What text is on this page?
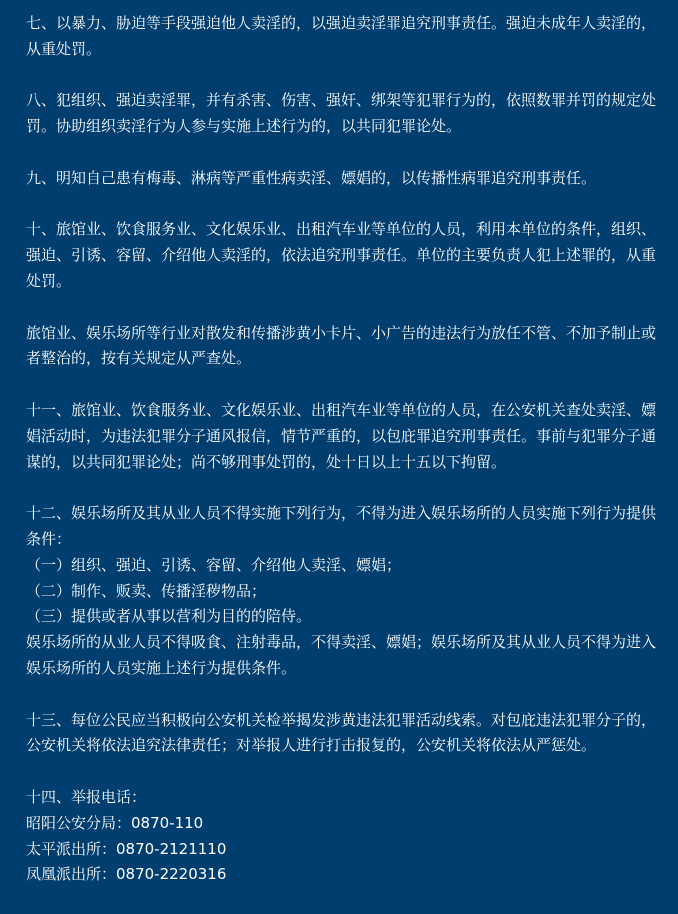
七、以暴力、胁迫等手段强迫他人卖淫的，以强迫卖淫罪追究刑事责任。强迫未成年人卖淫的，从重处罚。

八、犯组织、强迫卖淫罪，并有杀害、伤害、强奸、绑架等犯罪行为的，依照数罪并罚的规定处罚。协助组织卖淫行为人参与实施上述行为的，以共同犯罪论处。

九、明知自己患有梅毒、淋病等严重性病卖淫、嫖娼的，以传播性病罪追究刑事责任。

十、旅馆业、饮食服务业、文化娱乐业、出租汽车业等单位的人员，利用本单位的条件，组织、强迫、引诱、容留、介绍他人卖淫的，依法追究刑事责任。单位的主要负责人犯上述罪的，从重处罚。

旅馆业、娱乐场所等行业对散发和传播涉黄小卡片、小广告的违法行为放任不管、不加予制止或者整治的，按有关规定从严查处。

十一、旅馆业、饮食服务业、文化娱乐业、出租汽车业等单位的人员，在公安机关查处卖淫、嫖娼活动时，为违法犯罪分子通风报信，情节严重的，以包庇罪追究刑事责任。事前与犯罪分子通谋的，以共同犯罪论处；尚不够刑事处罚的，处十日以上十五以下拘留。

十二、娱乐场所及其从业人员不得实施下列行为，不得为进入娱乐场所的人员实施下列行为提供条件：
（一）组织、强迫、引诱、容留、介绍他人卖淫、嫖娼；
（二）制作、贩卖、传播淫秽物品；
（三）提供或者从事以营利为目的的陪侍。
娱乐场所的从业人员不得吸食、注射毒品，不得卖淫、嫖娼；娱乐场所及其从业人员不得为进入娱乐场所的人员实施上述行为提供条件。

十三、每位公民应当积极向公安机关检举揭发涉黄违法犯罪活动线索。对包庇违法犯罪分子的，公安机关将依法追究法律责任；对举报人进行打击报复的，公安机关将依法从严惩处。

十四、举报电话：
昭阳公安分局：0870-110
太平派出所：0870-2121110
凤凰派出所：0870-2220316
